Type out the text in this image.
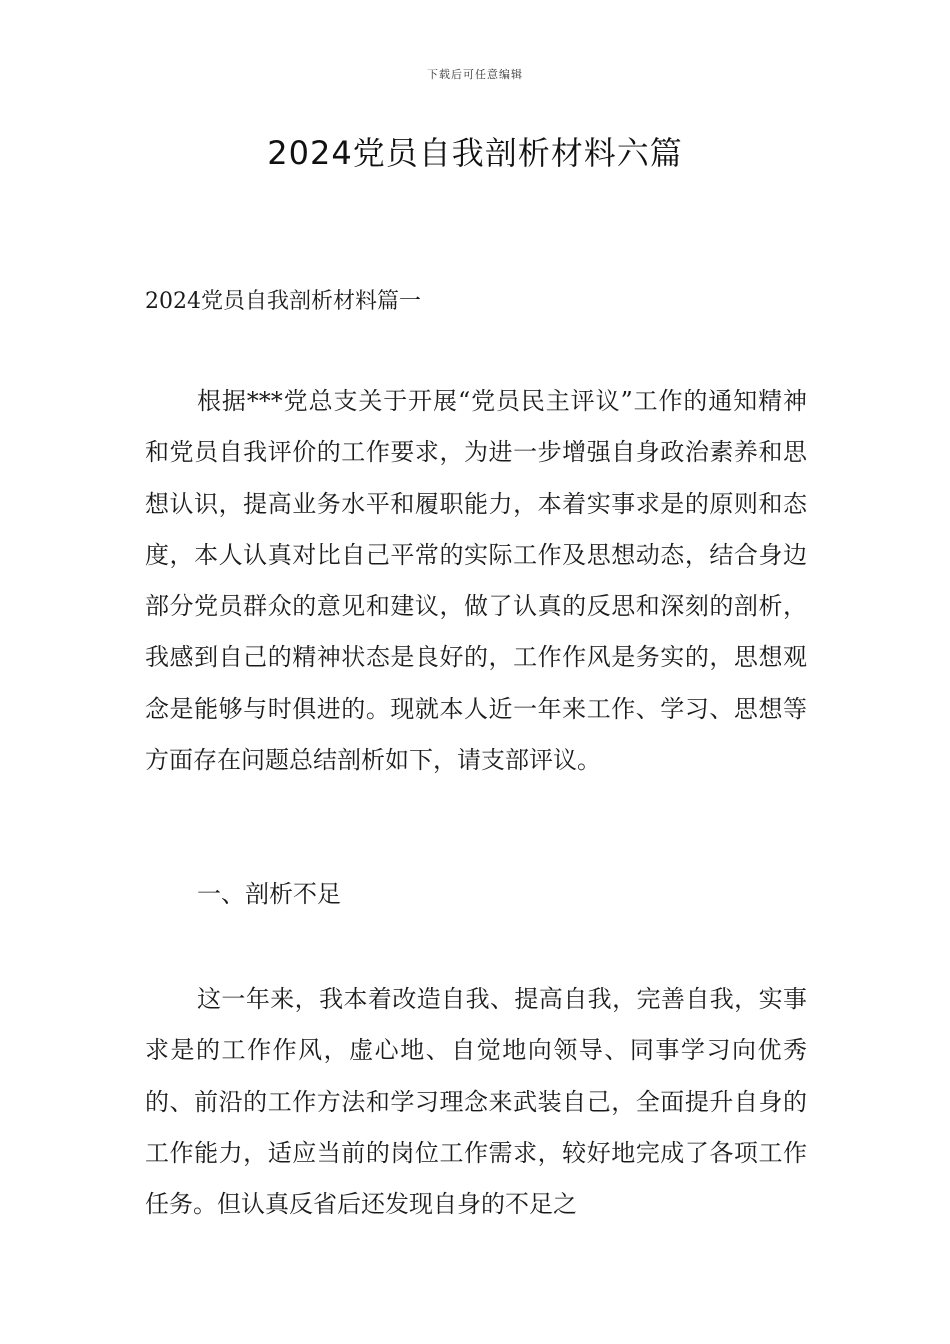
下载后可任意编辑
2024党员自我剖析材料六篇
2024党员自我剖析材料篇一
根据***党总支关于开展“党员民主评议”工作的通知精神和党员自我评价的工作要求，为进一步增强自身政治素养和思想认识，提高业务水平和履职能力，本着实事求是的原则和态度，本人认真对比自己平常的实际工作及思想动态，结合身边部分党员群众的意见和建议，做了认真的反思和深刻的剖析，我感到自己的精神状态是良好的，工作作风是务实的，思想观念是能够与时俱进的。现就本人近一年来工作、学习、思想等方面存在问题总结剖析如下，请支部评议。
一、剖析不足
这一年来，我本着改造自我、提高自我，完善自我，实事求是的工作作风，虚心地、自觉地向领导、同事学习向优秀的、前沿的工作方法和学习理念来武装自己，全面提升自身的工作能力，适应当前的岗位工作需求，较好地完成了各项工作任务。但认真反省后还发现自身的不足之
